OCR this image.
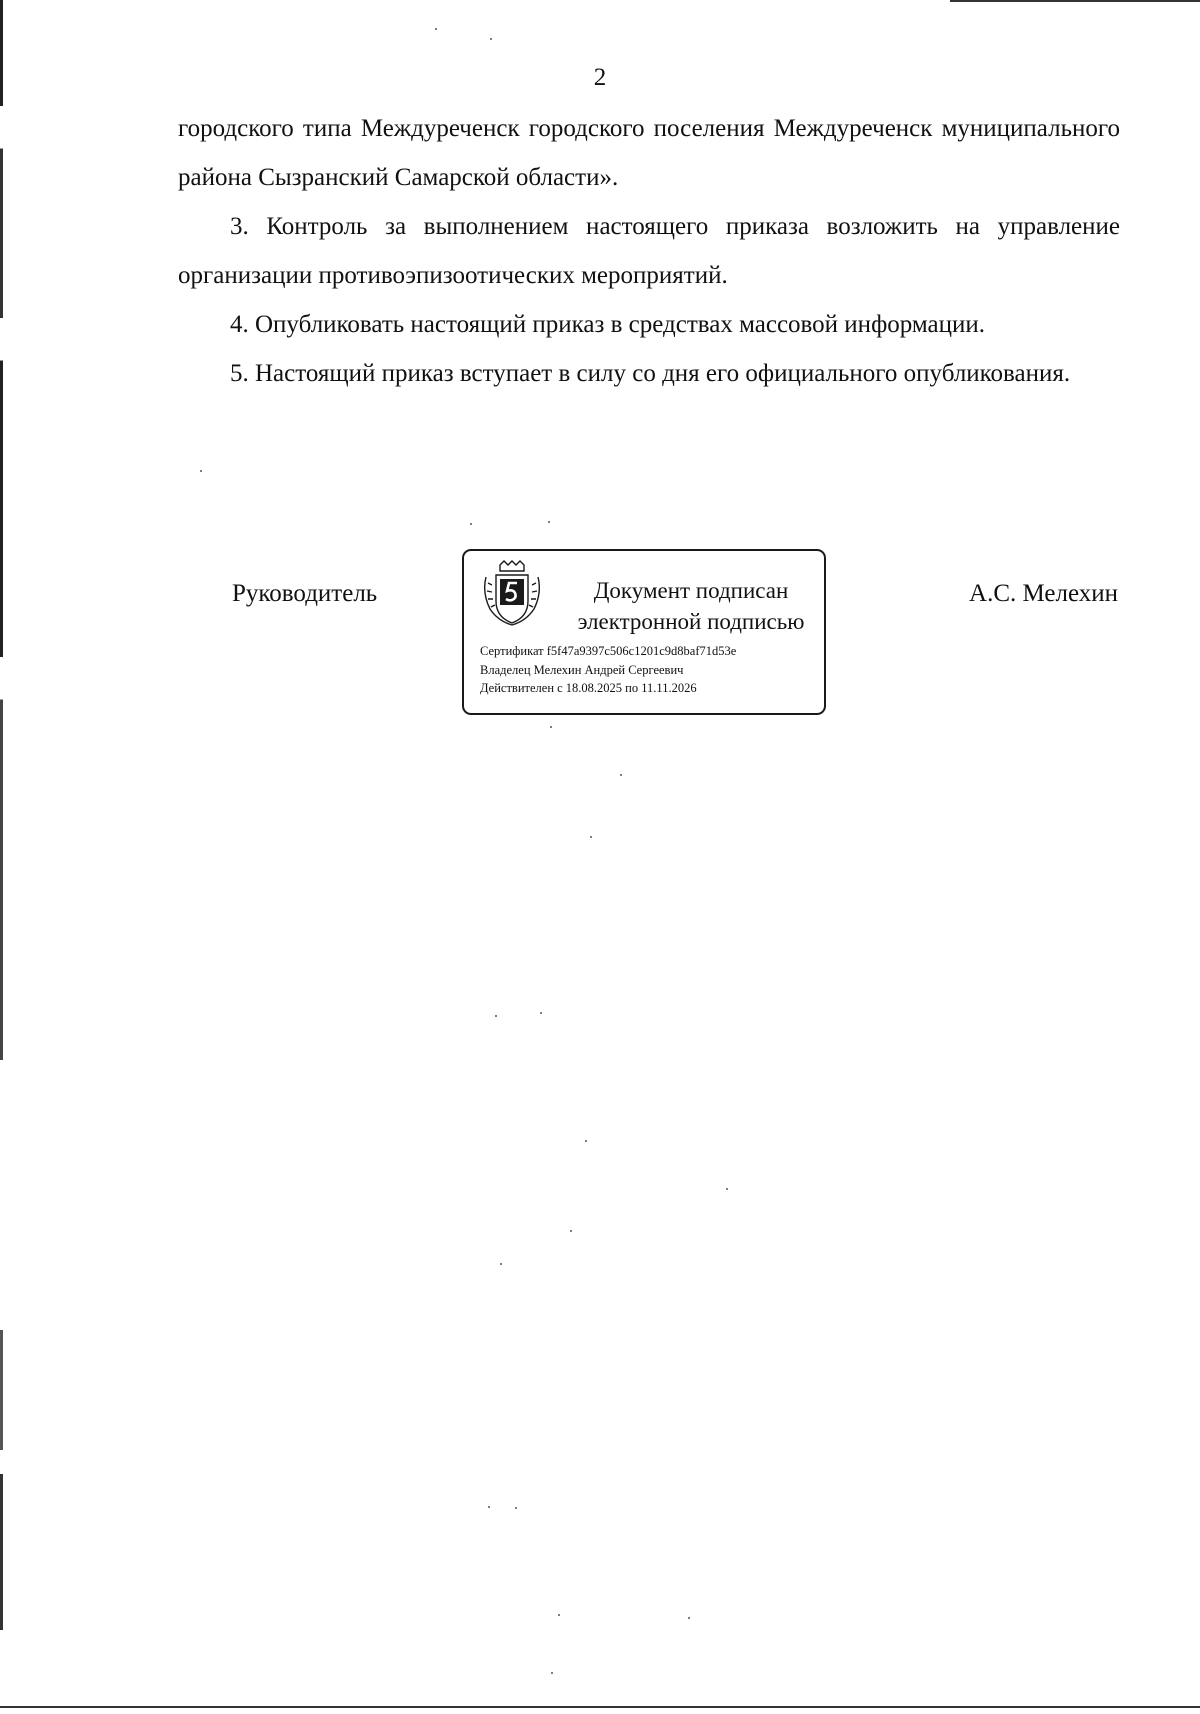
2

городского типа Междуреченск городского поселения Междуреченск муниципального района Сызранский Самарской области».

3. Контроль за выполнением настоящего приказа возложить на управление организации противоэпизоотических мероприятий.

4. Опубликовать настоящий приказ в средствах массовой информации.

5. Настоящий приказ вступает в силу со дня его официального опубликования.

Руководитель	Документ подписан
электронной подписью
Сертификат f5f47a9397c506c1201c9d8baf71d53e
Владелец Мелехин Андрей Сергеевич
Действителен с 18.08.2025 по 11.11.2026
А.С. Мелехин
